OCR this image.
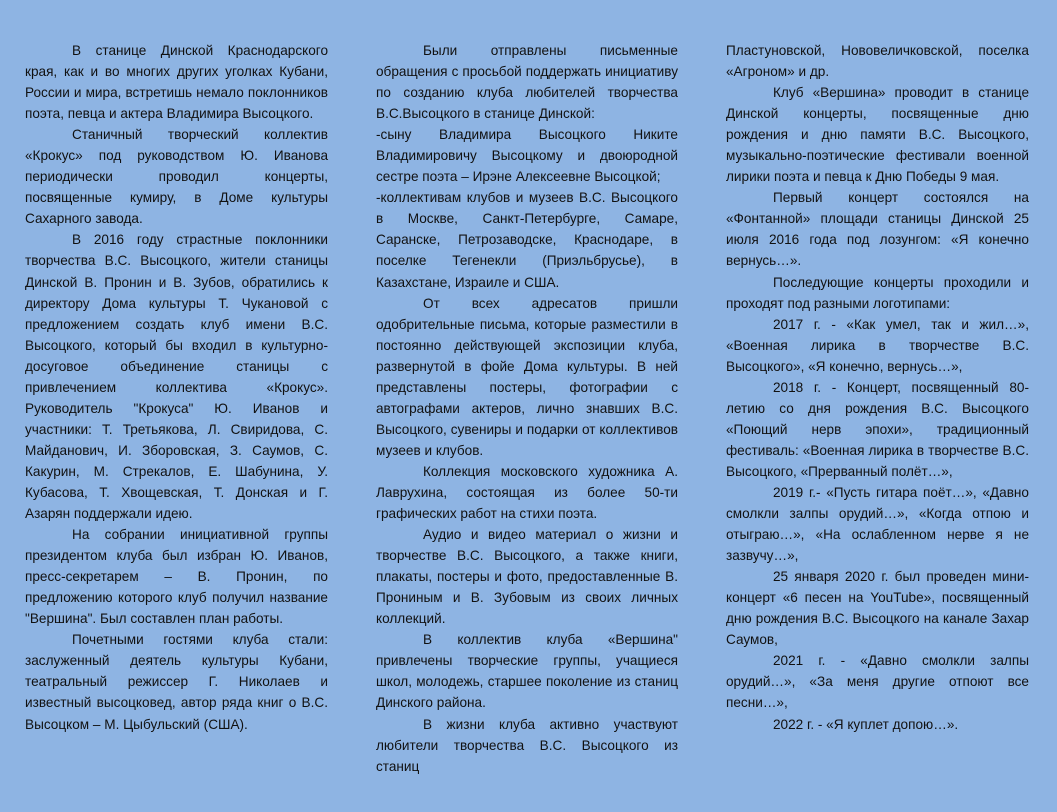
В станице Динской Краснодарского края, как и во многих других уголках Кубани, России и мира, встретишь немало поклонников поэта, певца и актера Владимира Высоцкого.

Станичный творческий коллектив «Крокус» под руководством Ю. Иванова периодически проводил концерты, посвященные кумиру, в Доме культуры Сахарного завода.

В 2016 году страстные поклонники творчества В.С. Высоцкого, жители станицы Динской В. Пронин и В. Зубов, обратились к директору Дома культуры Т. Чукановой с предложением создать клуб имени В.С. Высоцкого, который бы входил в культурно-досуговое объединение станицы с привлечением коллектива «Крокус». Руководитель "Крокуса" Ю. Иванов и участники: Т. Третьякова, Л. Свиридова, С. Майданович, И. Зборовская, З. Саумов, С. Какурин, М. Стрекалов, Е. Шабунина, У. Кубасова, Т. Хвощевская, Т. Донская и Г. Азарян поддержали идею.

На собрании инициативной группы президентом клуба был избран Ю. Иванов, пресс-секретарем – В. Пронин, по предложению которого клуб получил название "Вершина". Был составлен план работы.

Почетными гостями клуба стали: заслуженный деятель культуры Кубани, театральный режиссер Г. Николаев и известный высоцковед, автор ряда книг о В.С. Высоцком – М. Цыбульский (США).

Были отправлены письменные обращения с просьбой поддержать инициативу по созданию клуба любителей творчества В.С.Высоцкого в станице Динской:

-сыну Владимира Высоцкого Никите Владимировичу Высоцкому и двоюродной сестре поэта – Ирэне Алексеевне Высоцкой;

-коллективам клубов и музеев В.С. Высоцкого в Москве, Санкт-Петербурге, Самаре, Саранске, Петрозаводске, Краснодаре, в поселке Тегенекли (Приэльбрусье), в Казахстане, Израиле и США.

От всех адресатов пришли одобрительные письма, которые разместили в постоянно действующей экспозиции клуба, развернутой в фойе Дома культуры. В ней представлены постеры, фотографии с автографами актеров, лично знавших В.С. Высоцкого, сувениры и подарки от коллективов музеев и клубов.

Коллекция московского художника А. Лаврухина, состоящая из более 50-ти графических работ на стихи поэта.

Аудио и видео материал о жизни и творчестве В.С. Высоцкого, а также книги, плакаты, постеры и фото, предоставленные В. Прониным и В. Зубовым из своих личных коллекций.

В коллектив клуба «Вершина" привлечены творческие группы, учащиеся школ, молодежь, старшее поколение из станиц Динского района.

В жизни клуба активно участвуют любители творчества В.С. Высоцкого из станиц

Пластуновской, Нововеличковской, поселка «Агроном» и др.

Клуб «Вершина» проводит в станице Динской концерты, посвященные дню рождения и дню памяти В.С. Высоцкого, музыкально-поэтические фестивали военной лирики поэта и певца к Дню Победы 9 мая.

Первый концерт состоялся на «Фонтанной» площади станицы Динской 25 июля 2016 года под лозунгом: «Я конечно вернусь…».

Последующие концерты проходили и проходят под разными логотипами:

2017 г. - «Как умел, так и жил…», «Военная лирика в творчестве В.С. Высоцкого», «Я конечно, вернусь…»,

2018 г. - Концерт, посвященный 80-летию со дня рождения В.С. Высоцкого «Поющий нерв эпохи», традиционный фестиваль: «Военная лирика в творчестве В.С. Высоцкого, «Прерванный полёт…»,

2019 г.- «Пусть гитара поёт…», «Давно смолкли залпы орудий…», «Когда отпою и отыграю…», «На ослабленном нерве я не зазвучу…»,

25 января 2020 г. был проведен мини-концерт «6 песен на YouTube», посвященный дню рождения В.С. Высоцкого на канале Захар Саумов,

2021 г. - «Давно смолкли залпы орудий…», «За меня другие отпоют все песни…»,

2022 г. - «Я куплет допою…».
